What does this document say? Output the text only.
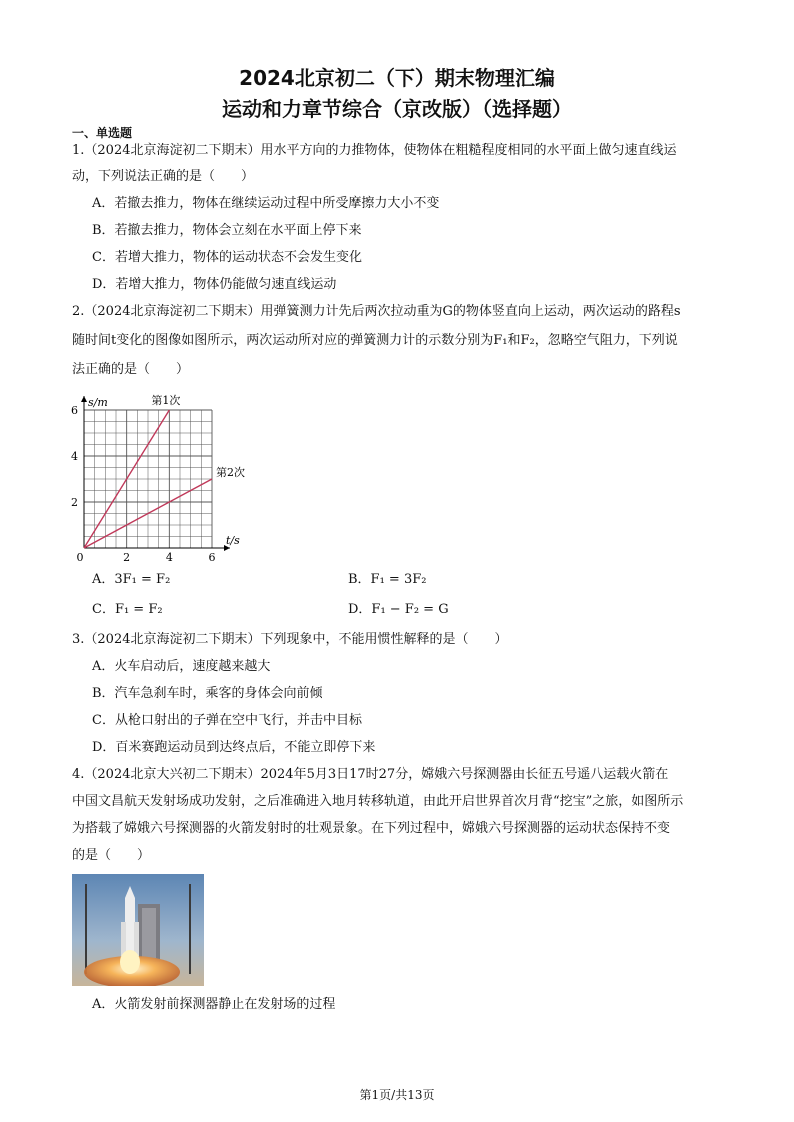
2024北京初二（下）期末物理汇编
运动和力章节综合（京改版）（选择题）
一、单选题
1.（2024北京海淀初二下期末）用水平方向的力推物体，使物体在粗糙程度相同的水平面上做匀速直线运
动，下列说法正确的是（　　）
A．若撤去推力，物体在继续运动过程中所受摩擦力大小不变
B．若撤去推力，物体会立刻在水平面上停下来
C．若增大推力，物体的运动状态不会发生变化
D．若增大推力，物体仍能做匀速直线运动
2.（2024北京海淀初二下期末）用弹簧测力计先后两次拉动重为G的物体竖直向上运动，两次运动的路程s
随时间t变化的图像如图所示，两次运动所对应的弹簧测力计的示数分别为F₁和F₂，忽略空气阻力，下列说
法正确的是（　　）
0	2	4	6
2
4
6
t/s
s/m	第1次
第2次
A．3F₁ = F₂	B．F₁ = 3F₂
C．F₁ = F₂	D．F₁ − F₂ = G
3.（2024北京海淀初二下期末）下列现象中，不能用惯性解释的是（　　）
A．火车启动后，速度越来越大
B．汽车急刹车时，乘客的身体会向前倾
C．从枪口射出的子弹在空中飞行，并击中目标
D．百米赛跑运动员到达终点后，不能立即停下来
4.（2024北京大兴初二下期末）2024年5月3日17时27分，嫦娥六号探测器由长征五号遥八运载火箭在
中国文昌航天发射场成功发射，之后准确进入地月转移轨道，由此开启世界首次月背“挖宝”之旅，如图所示
为搭载了嫦娥六号探测器的火箭发射时的壮观景象。在下列过程中，嫦娥六号探测器的运动状态保持不变
的是（　　）
A．火箭发射前探测器静止在发射场的过程
第1页/共13页
